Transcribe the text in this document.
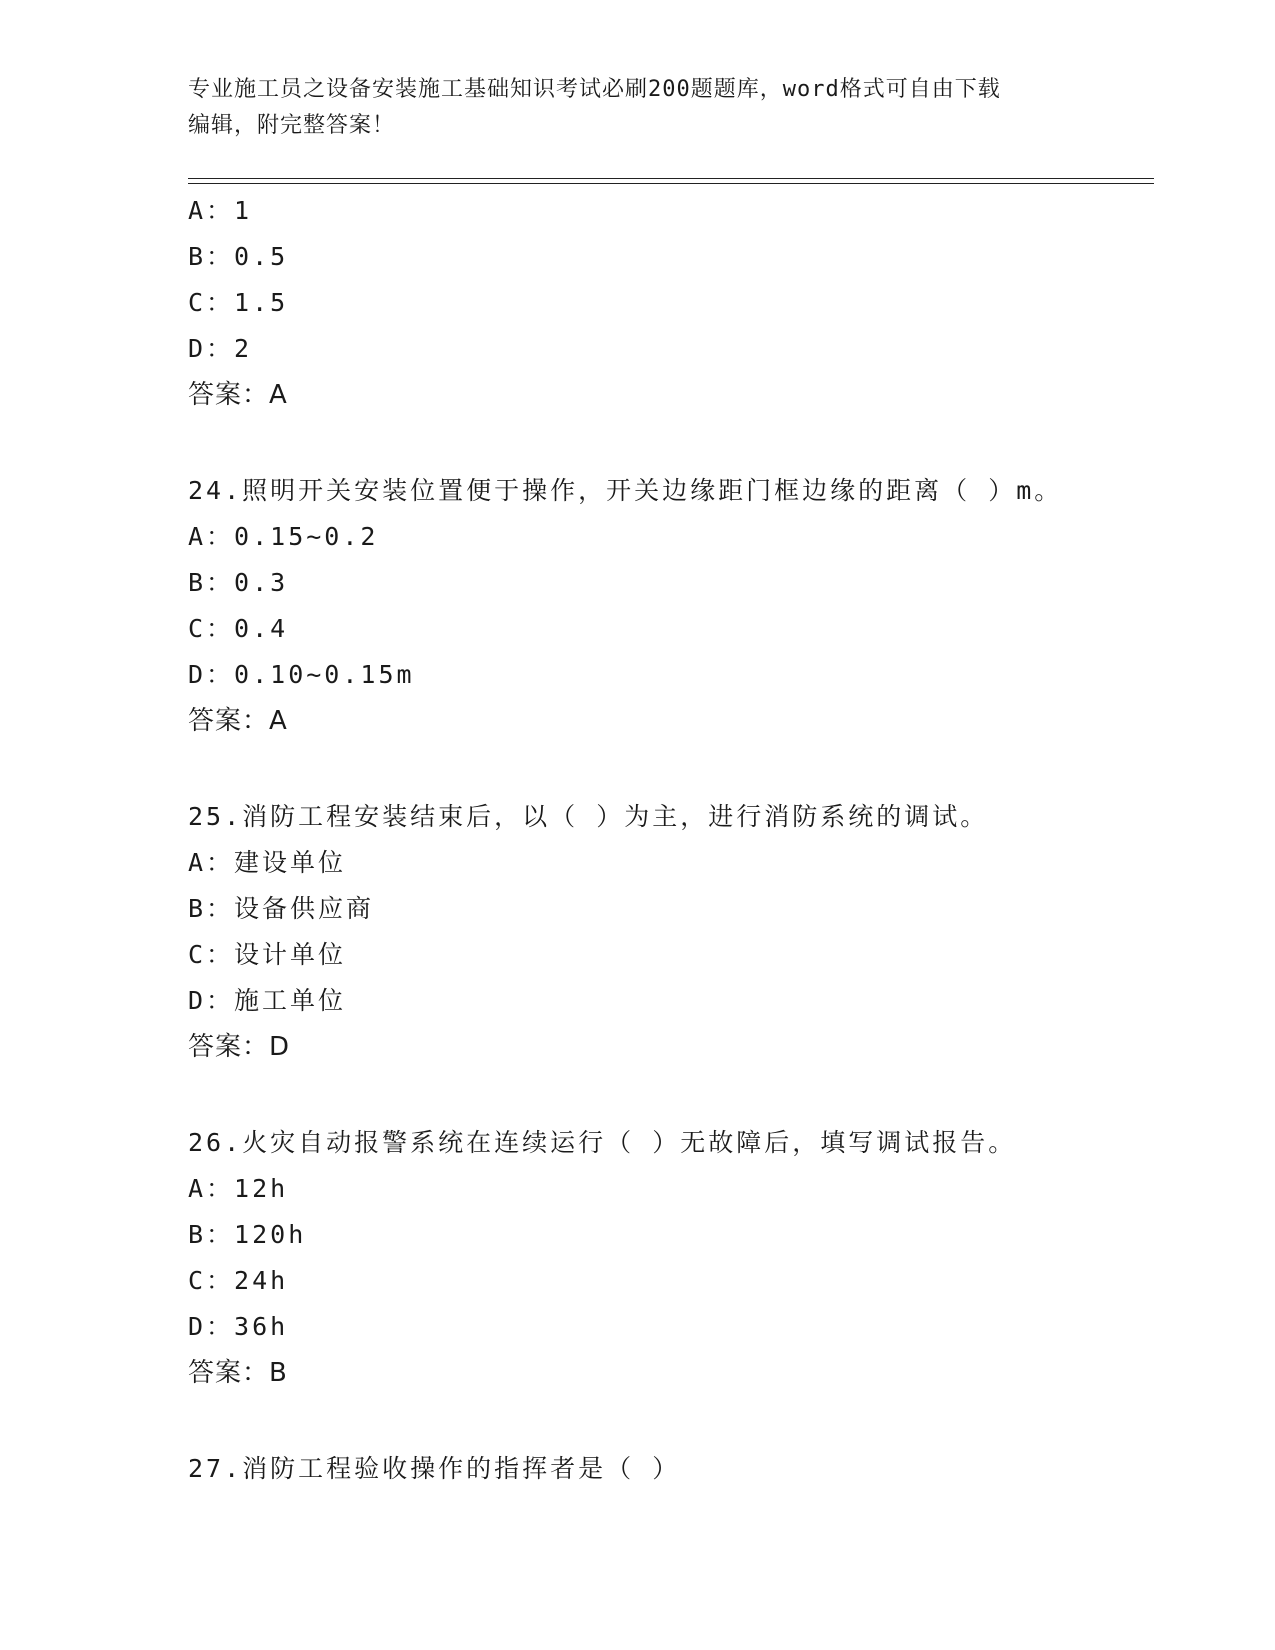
专业施工员之设备安装施工基础知识考试必刷200题题库，word格式可自由下载
编辑，附完整答案！
A：1
B：0.5
C：1.5
D：2
答案：A
24.照明开关安装位置便于操作，开关边缘距门框边缘的距离（ ）m。
A：0.15~0.2
B：0.3
C：0.4
D：0.10~0.15m
答案：A
25.消防工程安装结束后，以（ ）为主，进行消防系统的调试。
A：建设单位
B：设备供应商
C：设计单位
D：施工单位
答案：D
26.火灾自动报警系统在连续运行（ ）无故障后，填写调试报告。
A：12h
B：120h
C：24h
D：36h
答案：B
27.消防工程验收操作的指挥者是（ ）
